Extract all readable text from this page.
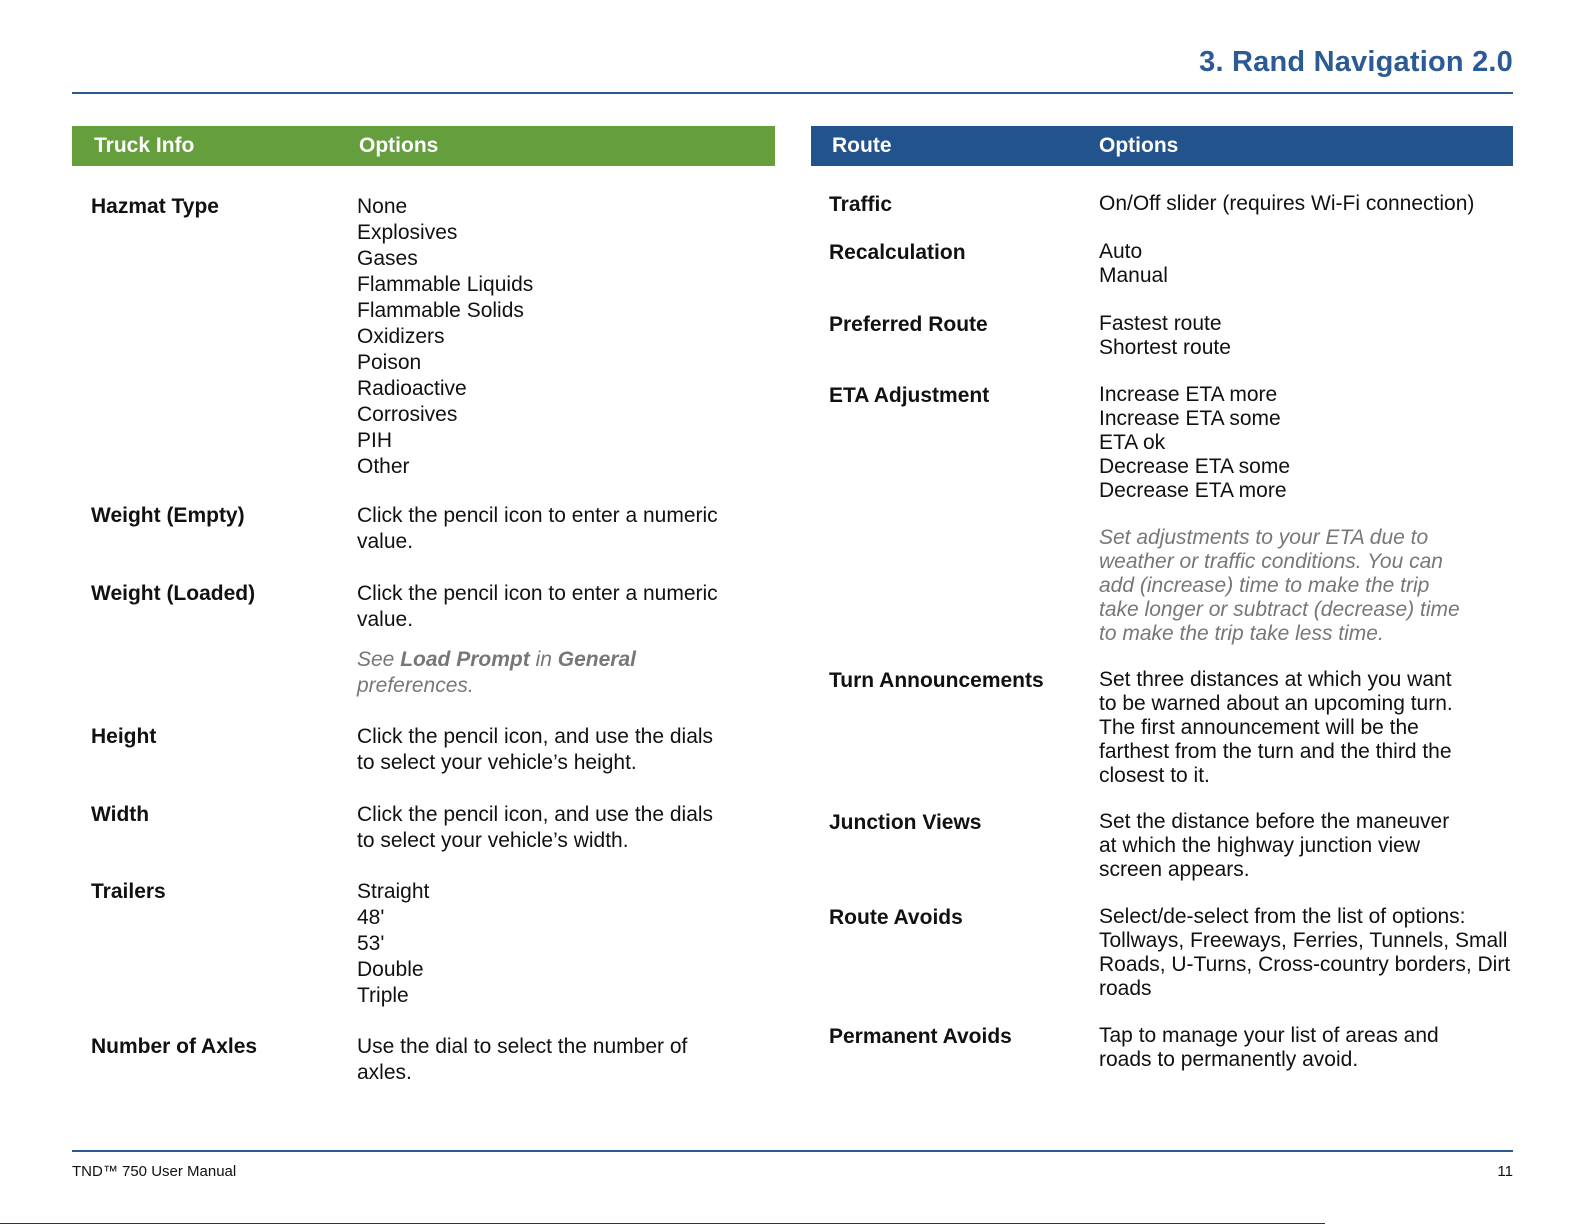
3. Rand Navigation 2.0
Truck Info	Options
Hazmat Type	None
Explosives
Gases
Flammable Liquids
Flammable Solids
Oxidizers
Poison
Radioactive
Corrosives
PIH
Other
Weight (Empty)	Click the pencil icon to enter a numeric
value.
Weight (Loaded)	Click the pencil icon to enter a numeric
value.
See Load Prompt in General
preferences.
Height	Click the pencil icon, and use the dials
to select your vehicle’s height.
Width	Click the pencil icon, and use the dials
to select your vehicle’s width.
Trailers	Straight
48'
53'
Double
Triple
Number of Axles	Use the dial to select the number of
axles.
Route	Options
Traffic	On/Off slider (requires Wi-Fi connection)
Recalculation	Auto
Manual
Preferred Route	Fastest route
Shortest route
ETA Adjustment	Increase ETA more
Increase ETA some
ETA ok
Decrease ETA some
Decrease ETA more
Set adjustments to your ETA due to
weather or traffic conditions. You can
add (increase) time to make the trip
take longer or subtract (decrease) time
to make the trip take less time.
Turn Announcements	Set three distances at which you want
to be warned about an upcoming turn.
The first announcement will be the
farthest from the turn and the third the
closest to it.
Junction Views	Set the distance before the maneuver
at which the highway junction view
screen appears.
Route Avoids	Select/de-select from the list of options:
Tollways, Freeways, Ferries, Tunnels, Small
Roads, U-Turns, Cross-country borders, Dirt
roads
Permanent Avoids	Tap to manage your list of areas and
roads to permanently avoid.
TND™ 750 User Manual	11
